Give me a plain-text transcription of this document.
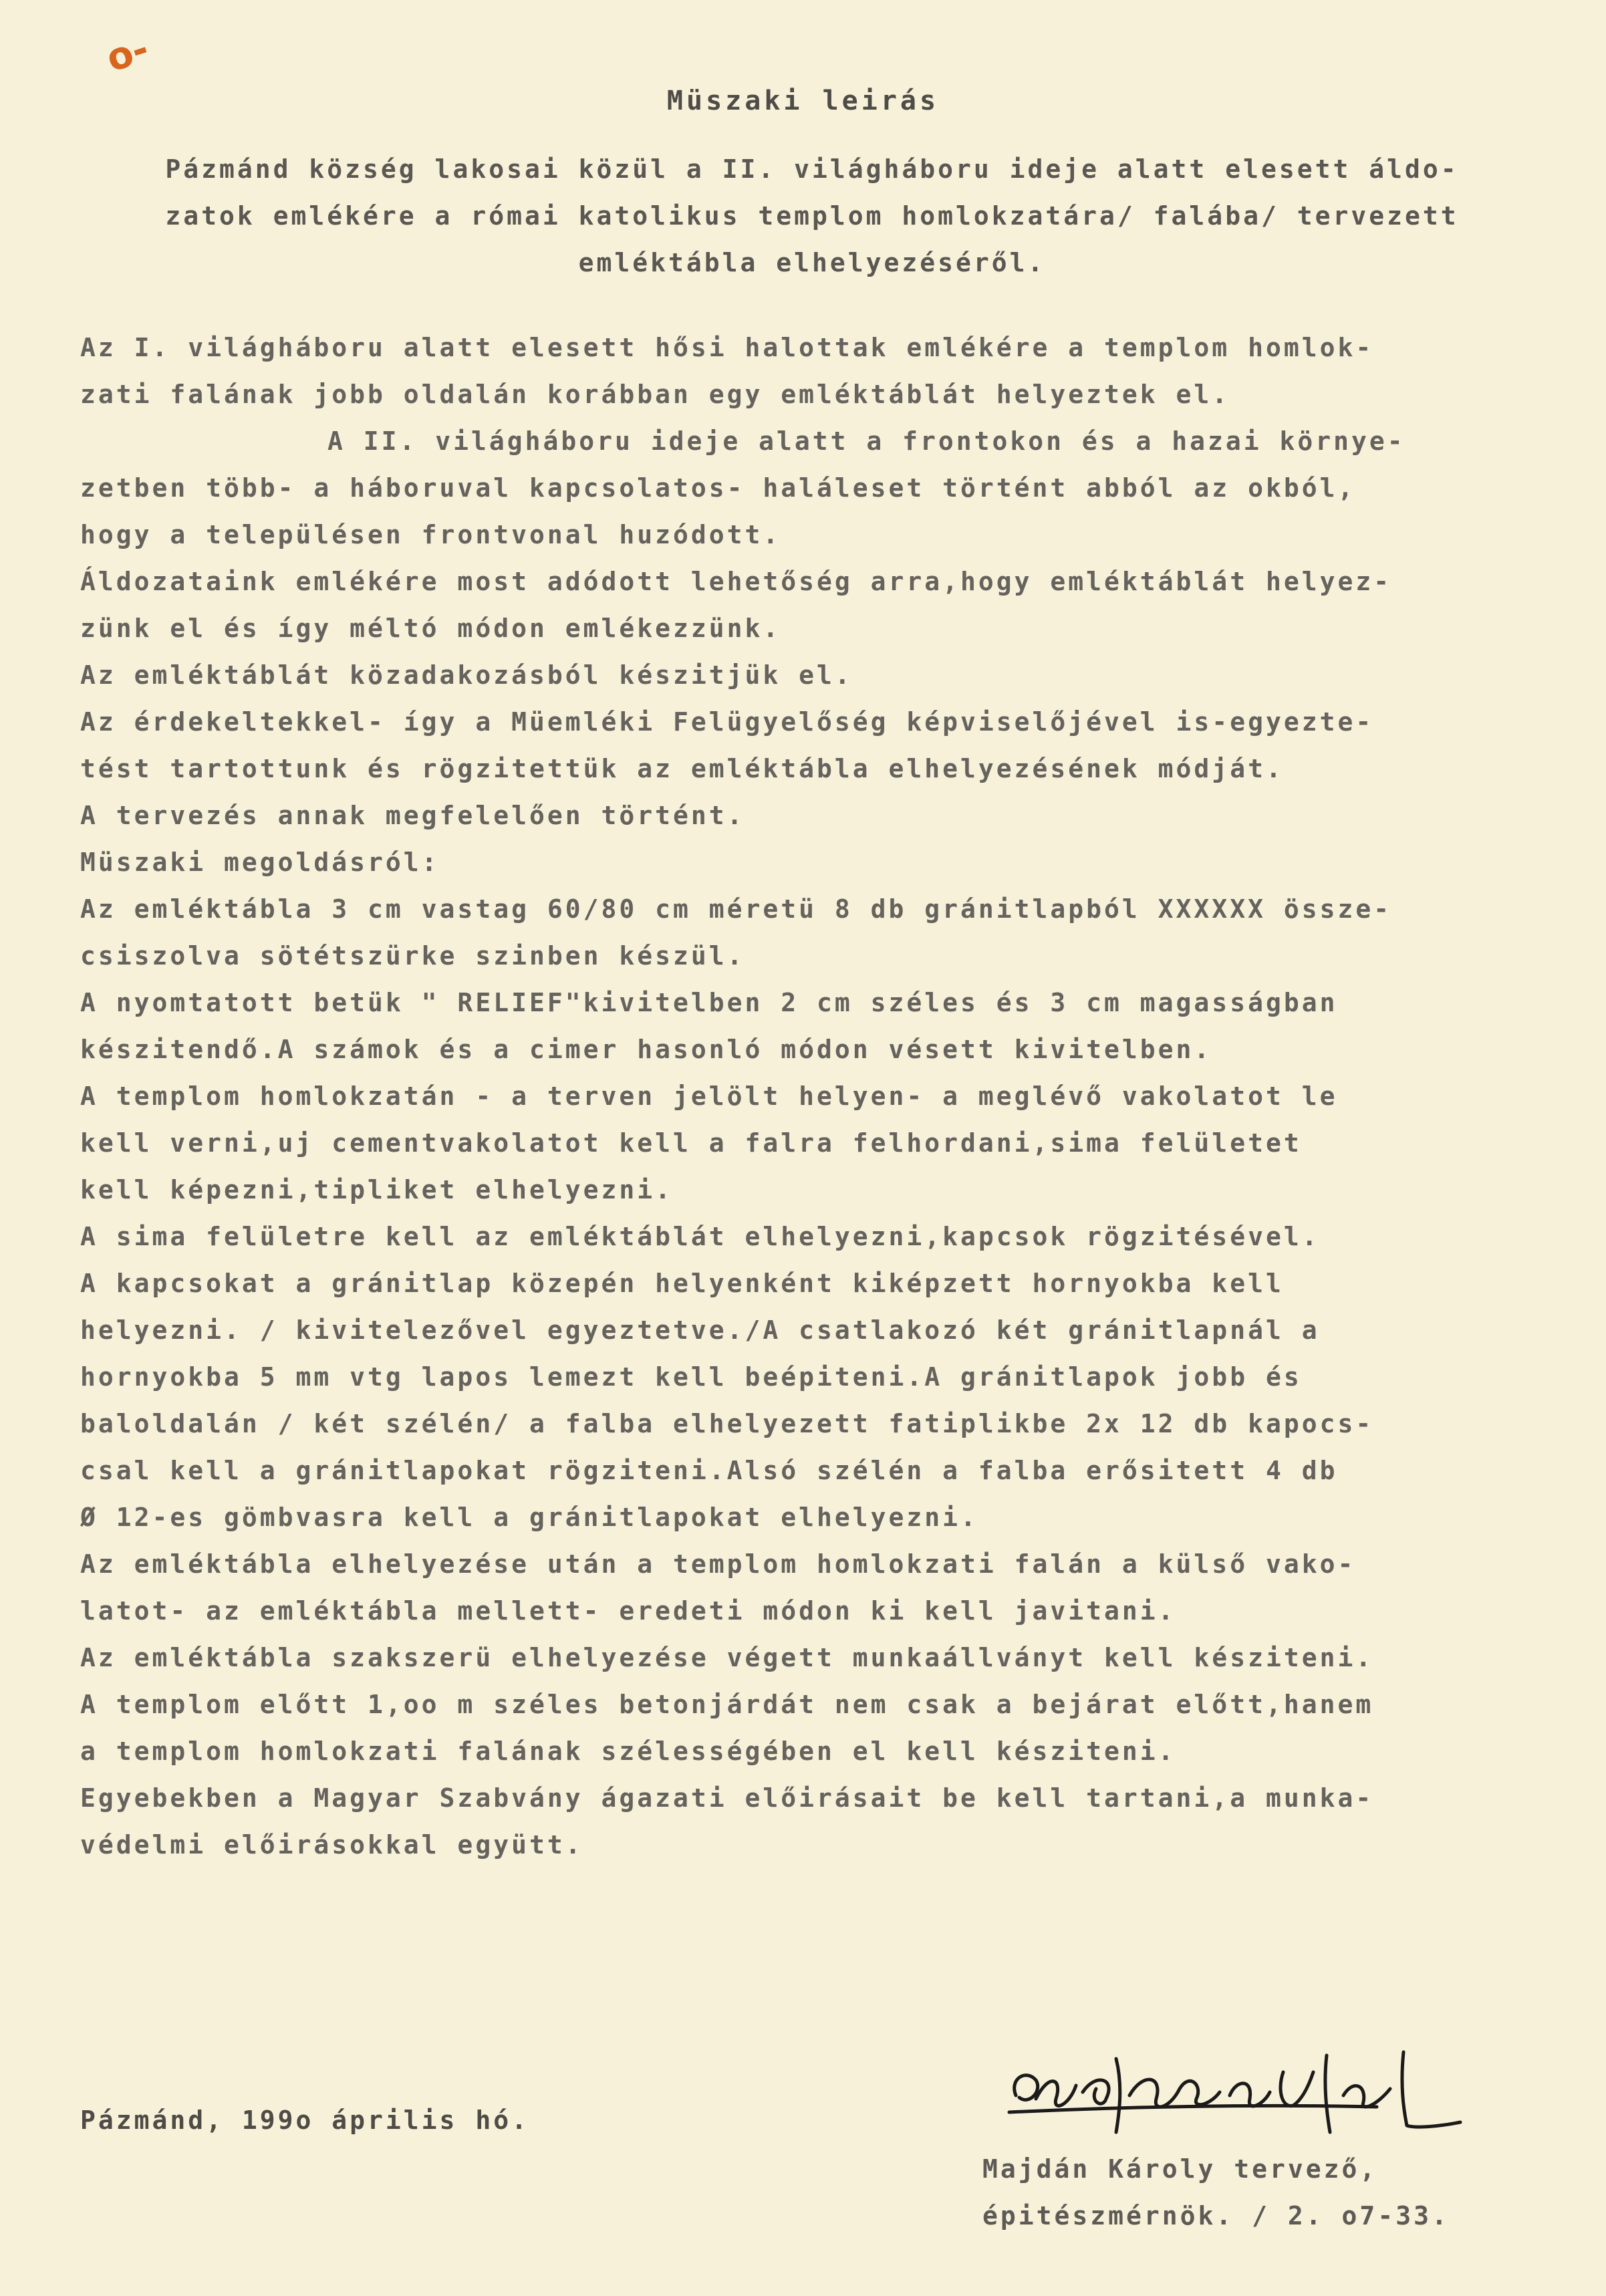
o-
Müszaki leirás

Pázmánd község lakosai közül a II. világháboru ideje alatt elesett áldo-

zatok emlékére a római katolikus templom homlokzatára/ falába/ tervezett

emléktábla elhelyezéséről.

Az I. világháboru alatt elesett hősi halottak emlékére a templom homlok-

zati falának jobb oldalán korábban egy emléktáblát helyeztek el.

A II. világháboru ideje alatt a frontokon és a hazai környe-

zetben több- a háboruval kapcsolatos- haláleset történt abból az okból,

hogy a településen frontvonal huzódott.

Áldozataink emlékére most adódott lehetőség arra,hogy emléktáblát helyez-

zünk el és így méltó módon emlékezzünk.

Az emléktáblát közadakozásból készitjük el.

Az érdekeltekkel- így a Müemléki Felügyelőség képviselőjével is-egyezte-

tést tartottunk és rögzitettük az emléktábla elhelyezésének módját.

A tervezés annak megfelelően történt.

Müszaki megoldásról:

Az emléktábla 3 cm vastag 60/80 cm méretü 8 db gránitlapból XXXXXX összе-

csiszolva sötétszürke szinben készül.

A nyomtatott betük " RELIEF"kivitelben 2 cm széles és 3 cm magasságban

készitendő.A számok és a cimer hasonló módon vésett kivitelben.

A templom homlokzatán - a terven jelölt helyen- a meglévő vakolatot le

kell verni,uj cementvakolatot kell a falra felhordani,sima felületet

kell képezni,tipliket elhelyezni.

A sima felületre kell az emléktáblát elhelyezni,kapcsok rögzitésével.

A kapcsokat a gránitlap közepén helyenként kiképzett hornyokba kell

helyezni. / kivitelezővel egyeztetve./A csatlakozó két gránitlapnál a

hornyokba 5 mm vtg lapos lemezt kell beépiteni.A gránitlapok jobb és

baloldalán / két szélén/ a falba elhelyezett fatiplikbe 2x 12 db kapocs-

csal kell a gránitlapokat rögziteni.Alsó szélén a falba erősitett 4 db

Ø 12-es gömbvasra kell a gránitlapokat elhelyezni.

Az emléktábla elhelyezése után a templom homlokzati falán a külső vako-

latot- az emléktábla mellett- eredeti módon ki kell javitani.

Az emléktábla szakszerü elhelyezése végett munkaállványt kell késziteni.

A templom előtt 1,oo m széles betonjárdát nem csak a bejárat előtt,hanem

a templom homlokzati falának szélességében el kell késziteni.

Egyebekben a Magyar Szabvány ágazati előirásait be kell tartani,a munka-

védelmi előirásokkal együtt.

Pázmánd, 199o április hó.

Majdán Károly tervező,

épitészmérnök. / 2. o7-33.
